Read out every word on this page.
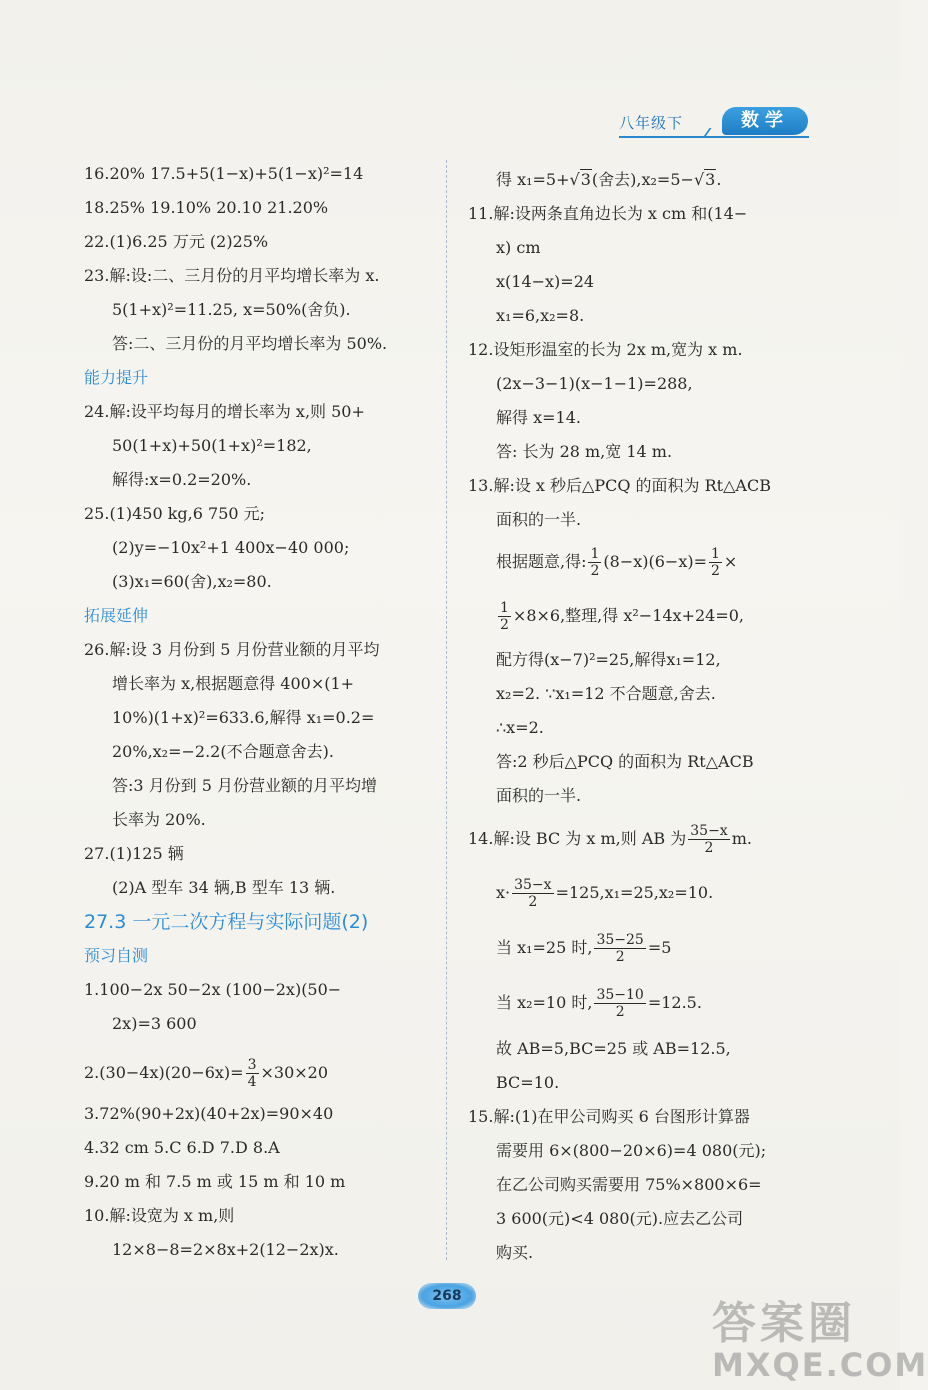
八年级下	数学
16.20% 17.5+5(1−x)+5(1−x)²=14
18.25% 19.10% 20.10 21.20%
22.(1)6.25 万元 (2)25%
23.解:设:二、三月份的月平均增长率为 x.
5(1+x)²=11.25, x=50%(舍负).
答:二、三月份的月平均增长率为 50%.
能力提升
24.解:设平均每月的增长率为 x,则 50+
50(1+x)+50(1+x)²=182,
解得:x=0.2=20%.
25.(1)450 kg,6 750 元;
(2)y=−10x²+1 400x−40 000;
(3)x₁=60(舍),x₂=80.
拓展延伸
26.解:设 3 月份到 5 月份营业额的月平均
增长率为 x,根据题意得 400×(1+
10%)(1+x)²=633.6,解得 x₁=0.2=
20%,x₂=−2.2(不合题意舍去).
答:3 月份到 5 月份营业额的月平均增
长率为 20%.
27.(1)125 辆
(2)A 型车 34 辆,B 型车 13 辆.
27.3 一元二次方程与实际问题(2)
预习自测
1.100−2x 50−2x (100−2x)(50−
2x)=3 600
$2.(30-4x)(20-6x)= \frac{3}{4} \times 30\times 20$
3.72%(90+2x)(40+2x)=90×40
4.32 cm 5.C 6.D 7.D 8.A
9.20 m 和 7.5 m 或 15 m 和 10 m
10.解:设宽为 x m,则
12×8−8=2×8x+2(12−2x)x.
得 x₁=5+√3(舍去),x₂=5−√3.
11.解:设两条直角边长为 x cm 和(14−
x) cm
x(14−x)=24
x₁=6,x₂=8.
12.设矩形温室的长为 2x m,宽为 x m.
(2x−3−1)(x−1−1)=288,
解得 x=14.
答: 长为 28 m,宽 14 m.
13.解:设 x 秒后△PCQ 的面积为 Rt△ACB
面积的一半.
根据题意,得: $\frac{1}{2} (8-x)(6-x)= \frac{1}{2}$ ×
$\frac{1}{2} \times 8\times 6$,整理,得 x²−14x+24=0,
配方得(x−7)²=25,解得x₁=12,
x₂=2. ∵x₁=12 不合题意,舍去.
∴x=2.
答:2 秒后△PCQ 的面积为 Rt△ACB
面积的一半.
14.解:设 BC 为 x m,则 AB 为 $\frac{35-x}{2} m$.
$x\cdot \frac{35-x}{2} =125,x_1=25,x_2=10$.
当 x₁=25 时, $\frac{35-25}{2} =5$
当 x₂=10 时, $\frac{35-10}{2} =12.5$.
故 AB=5,BC=25 或 AB=12.5,
BC=10.
15.解:(1)在甲公司购买 6 台图形计算器
需要用 6×(800−20×6)=4 080(元);
在乙公司购买需要用 75%×800×6=
3 600(元)<4 080(元).应去乙公司
购买.
268
答案圈
MXQE.COM
